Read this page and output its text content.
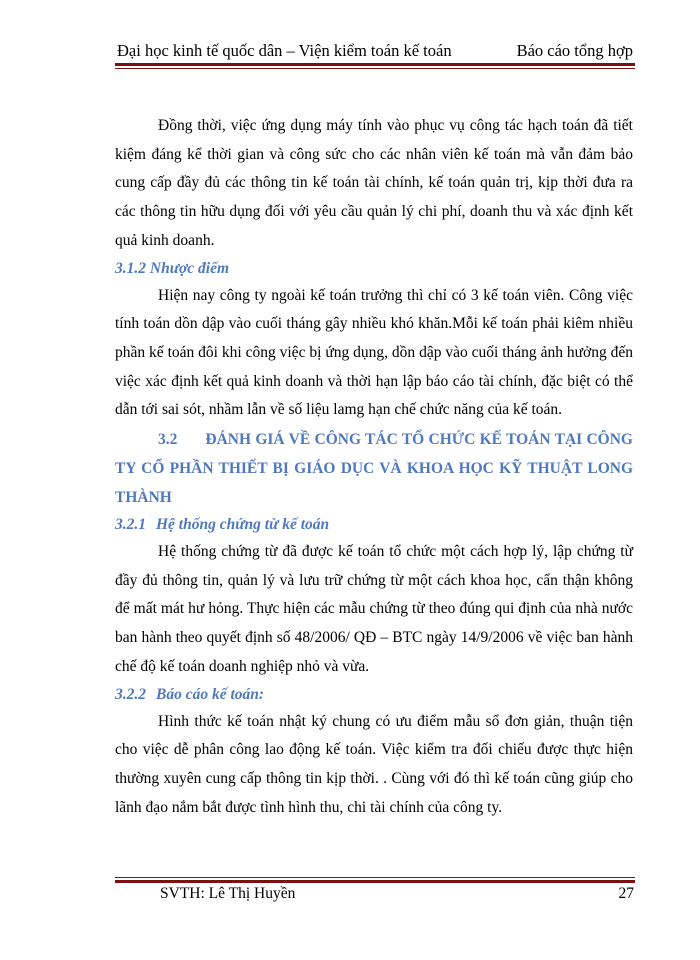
Đại học kinh tế quốc dân – Viện kiểm toán kế toán	Báo cáo tổng hợp

Đồng thời, việc ứng dụng máy tính vào phục vụ công tác hạch toán đã tiết kiệm đáng kể thời gian và công sức cho các nhân viên kế toán mà vẫn đảm bảo cung cấp đầy đủ các thông tin kế toán tài chính, kế toán quản trị, kịp thời đưa ra các thông tin hữu dụng đối với yêu cầu quản lý chi phí, doanh thu và xác định kết quả kinh doanh.

3.1.2 Nhược điểm

Hiện nay công ty ngoài kế toán trưởng thì chỉ có 3 kế toán viên. Công việc tính toán dồn dập vào cuối tháng gây nhiều khó khăn.Mỗi kế toán phải kiêm nhiều phần kế toán đôi khi công việc bị ứng dụng, dồn dập vào cuối tháng ảnh hưởng đến việc xác định kết quả kinh doanh và thời hạn lập báo cáo tài chính, đặc biệt có thể dẫn tới sai sót, nhầm lẫn về số liệu lamg hạn chế chức năng của kế toán.

3.2 ĐÁNH GIÁ VỀ CÔNG TÁC TỔ CHỨC KẾ TOÁN TẠI CÔNG TY CỔ PHẦN THIẾT BỊ GIÁO DỤC VÀ KHOA HỌC KỸ THUẬT LONG THÀNH
3.2.1 Hệ thống chứng từ kế toán

Hệ thống chứng từ đã được kế toán tổ chức một cách hợp lý, lập chứng từ đầy đủ thông tin, quản lý và lưu trữ chứng từ một cách khoa học, cẩn thận không để mất mát hư hỏng. Thực hiện các mẫu chứng từ theo đúng qui định của nhà nước ban hành theo quyết định số 48/2006/ QĐ – BTC ngày 14/9/2006 về việc ban hành chế độ kế toán doanh nghiệp nhỏ và vừa.

3.2.2 Báo cáo kế toán:

Hình thức kế toán nhật ký chung có ưu điểm mẫu sổ đơn giản, thuận tiện cho việc dễ phân công lao động kế toán. Việc kiểm tra đối chiếu được thực hiện thường xuyên cung cấp thông tin kịp thời. . Cùng với đó thì kế toán cũng giúp cho lãnh đạo nắm bắt được tình hình thu, chi tài chính của công ty.

SVTH: Lê Thị Huyền	27
